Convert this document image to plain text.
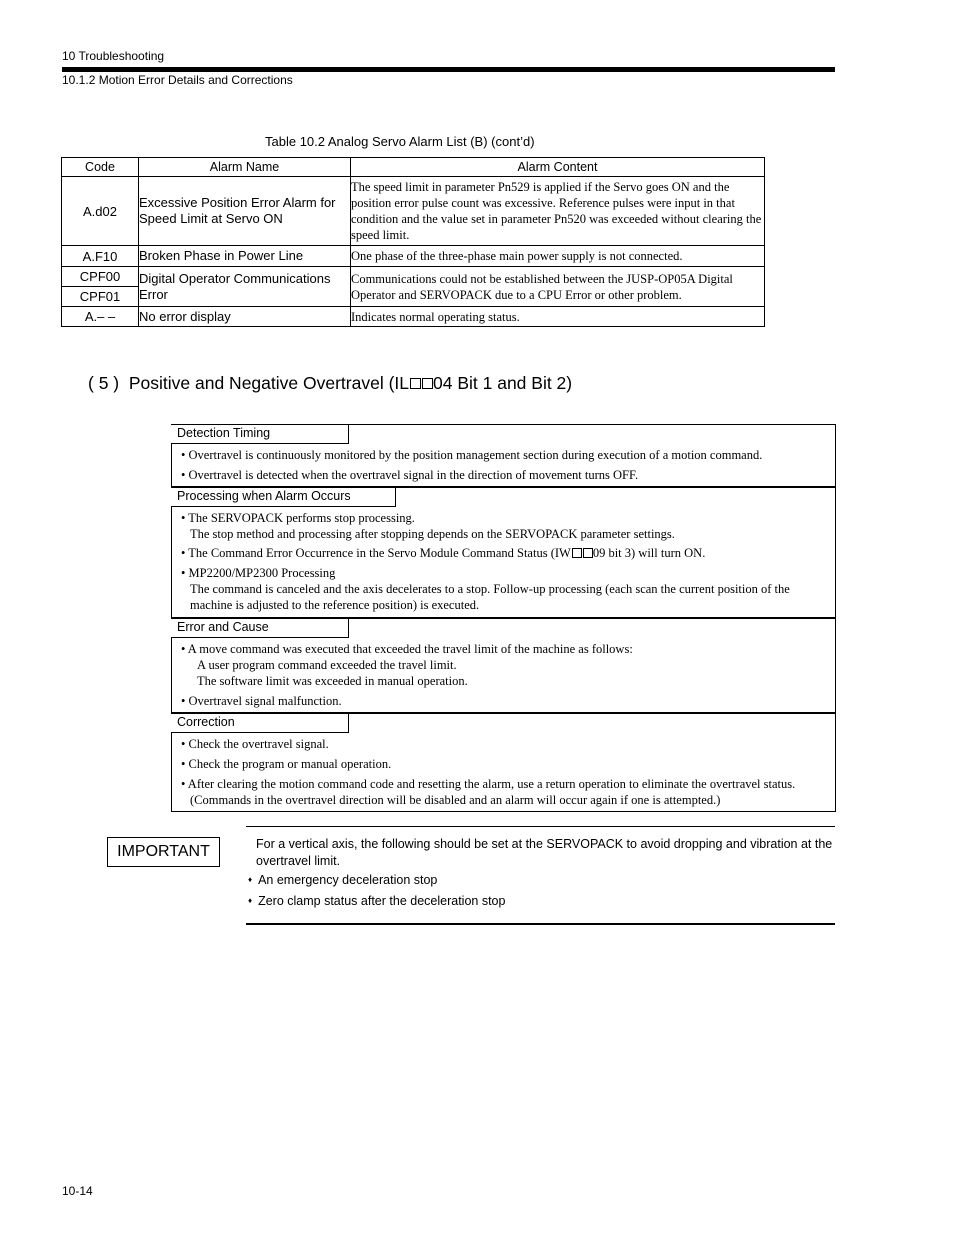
10 Troubleshooting
10.1.2 Motion Error Details and Corrections
Table 10.2 Analog Servo Alarm List (B) (cont’d)
Code	Alarm Name	Alarm Content
A.d02	Excessive Position Error Alarm for Speed Limit at Servo ON	The speed limit in parameter Pn529 is applied if the Servo goes ON and the position error pulse count was excessive. Reference pulses were input in that condition and the value set in parameter Pn520 was exceeded without clearing the speed limit.
A.F10	Broken Phase in Power Line	One phase of the three-phase main power supply is not connected.
CPF00	Digital Operator Communications Error	Communications could not be established between the JUSP-OP05A Digital Operator and SERVOPACK due to a CPU Error or other problem.
CPF01		
A.– –	No error display	Indicates normal operating status.
( 5 ) Positive and Negative Overtravel (IL 04 Bit 1 and Bit 2)
Detection Timing
• Overtravel is continuously monitored by the position management section during execution of a motion command.
• Overtravel is detected when the overtravel signal in the direction of movement turns OFF.
Processing when Alarm Occurs
• The SERVOPACK performs stop processing.
The stop method and processing after stopping depends on the SERVOPACK parameter settings.
• The Command Error Occurrence in the Servo Module Command Status (IW 09 bit 3) will turn ON.
• MP2200/MP2300 Processing
The command is canceled and the axis decelerates to a stop. Follow-up processing (each scan the current position of the
machine is adjusted to the reference position) is executed.
Error and Cause
• A move command was executed that exceeded the travel limit of the machine as follows:
A user program command exceeded the travel limit.
The software limit was exceeded in manual operation.
• Overtravel signal malfunction.
Correction
• Check the overtravel signal.
• Check the program or manual operation.
• After clearing the motion command code and resetting the alarm, use a return operation to eliminate the overtravel status.
(Commands in the overtravel direction will be disabled and an alarm will occur again if one is attempted.)
IMPORTANT	For a vertical axis, the following should be set at the SERVOPACK to avoid dropping and vibration at the overtravel limit.
♦ An emergency deceleration stop
♦ Zero clamp status after the deceleration stop
10-14
